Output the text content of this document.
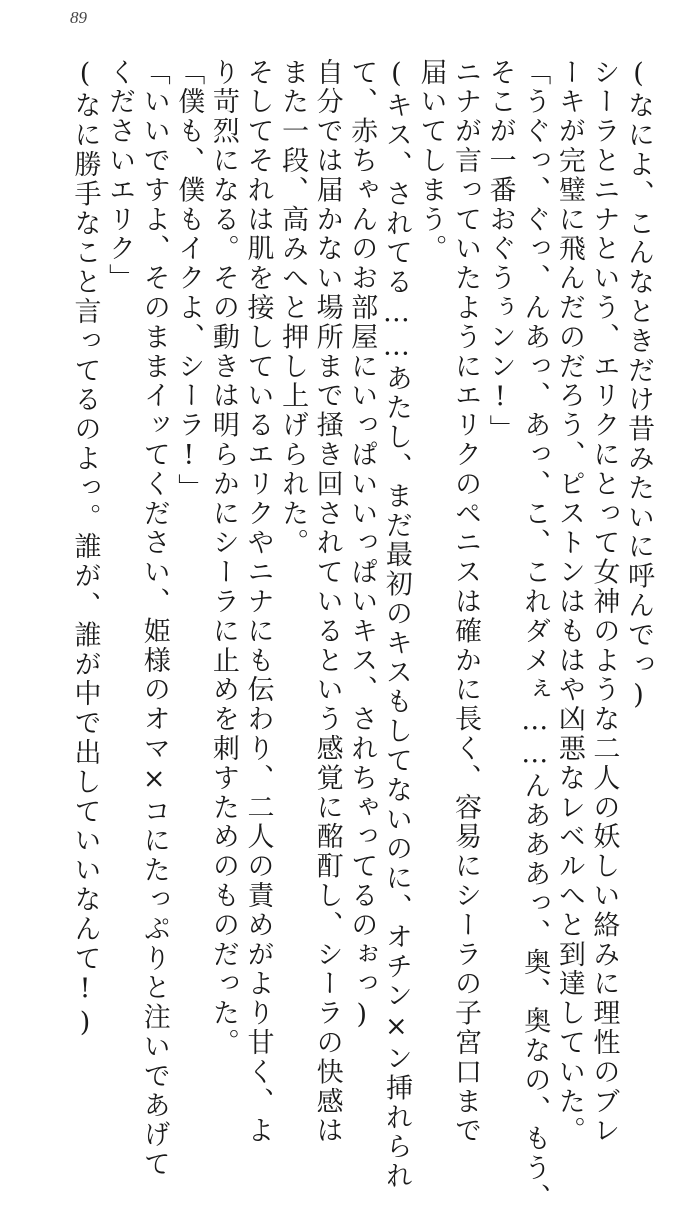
89
(なによ、こんなときだけ昔みたいに呼んでっ)
シーラとニナという、エリクにとって女神のような二人の妖しい絡みに理性のブレ
ーキが完璧に飛んだのだろう、ピストンはもはや凶悪なレベルへと到達していた。
「うぐっ、ぐっ、んあっ、あっ、こ、これダメぇ……んあああっ、奥、奥なの、もう、
そこが一番おぐうぅンン!」
ニナが言っていたようにエリクのペニスは確かに長く、容易にシーラの子宮口まで
届いてしまう。
(キス、されてる……あたし、まだ最初のキスもしてないのに、オチン×ン挿れられ
て、赤ちゃんのお部屋にいっぱいいっぱいキス、されちゃってるのぉっ)
自分では届かない場所まで掻き回されているという感覚に酩酊し、シーラの快感は
また一段、高みへと押し上げられた。
そしてそれは肌を接しているエリクやニナにも伝わり、二人の責めがより甘く、よ
り苛烈になる。その動きは明らかにシーラに止めを刺すためのものだった。
「僕も、僕もイクよ、シーラ!」
「いいですよ、そのままイッてください、姫様のオマ×コにたっぷりと注いであげて
くださいエリク」
(なに勝手なこと言ってるのよっ。誰が、誰が中で出していいなんて!)
